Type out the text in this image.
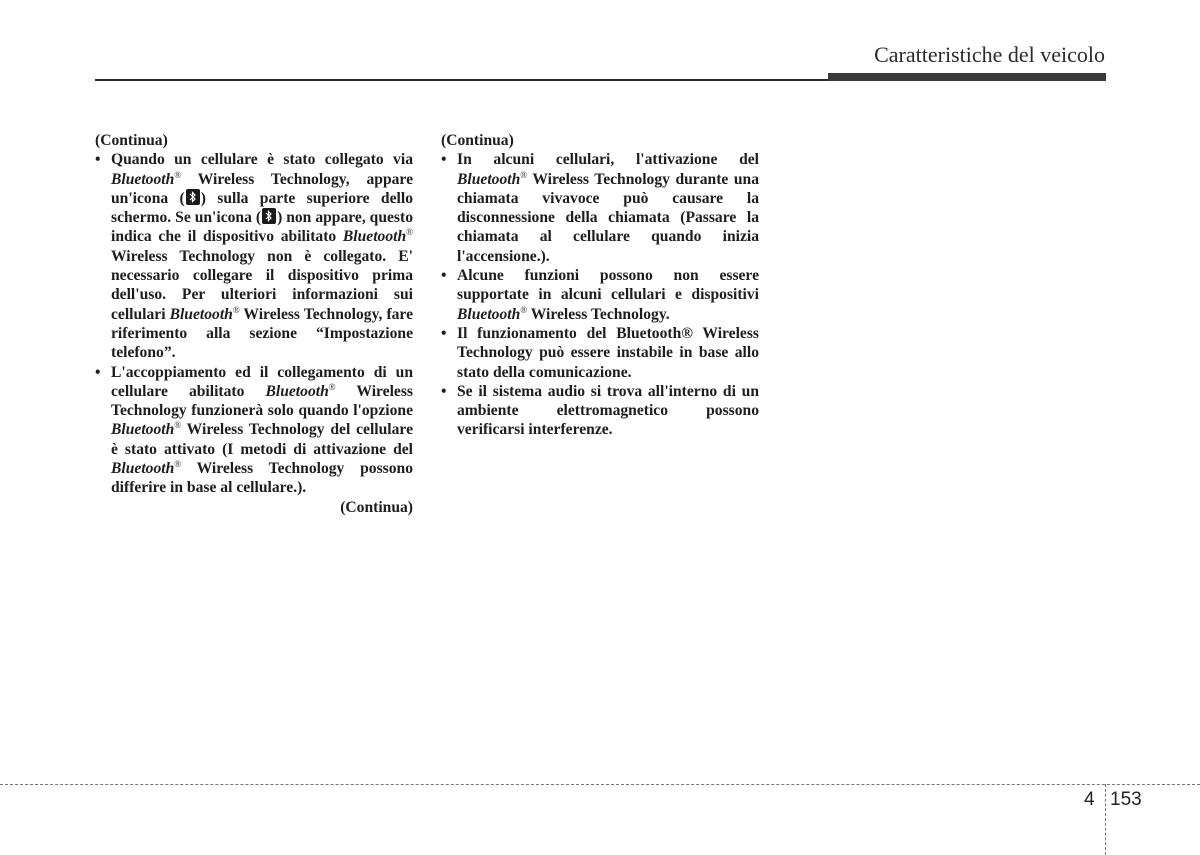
Caratteristiche del veicolo
(Continua)
• Quando un cellulare è stato collegato via Bluetooth® Wireless Technology, appare un'icona ( ) sulla parte superiore dello schermo. Se un'icona ( ) non appare, questo indica che il dispositivo abilitato Bluetooth® Wireless Technology non è collegato. E' necessario collegare il dispositivo prima dell'uso. Per ulteriori informazioni sui cellulari Bluetooth® Wireless Technology, fare riferimento alla sezione “Impostazione telefono”.
• L'accoppiamento ed il collegamento di un cellulare abilitato Bluetooth® Wireless Technology funzionerà solo quando l'opzione Bluetooth® Wireless Technology del cellulare è stato attivato (I metodi di attivazione del Bluetooth® Wireless Technology possono differire in base al cellulare.).
(Continua)
(Continua)
• In alcuni cellulari, l'attivazione del Bluetooth® Wireless Technology durante una chiamata vivavoce può causare la disconnessione della chiamata (Passare la chiamata al cellulare quando inizia l'accensione.).
• Alcune funzioni possono non essere supportate in alcuni cellulari e dispositivi Bluetooth® Wireless Technology.
• Il funzionamento del Bluetooth® Wireless Technology può essere instabile in base allo stato della comunicazione.
• Se il sistema audio si trova all'interno di un ambiente elettromagnetico possono verificarsi interferenze.
4 153
